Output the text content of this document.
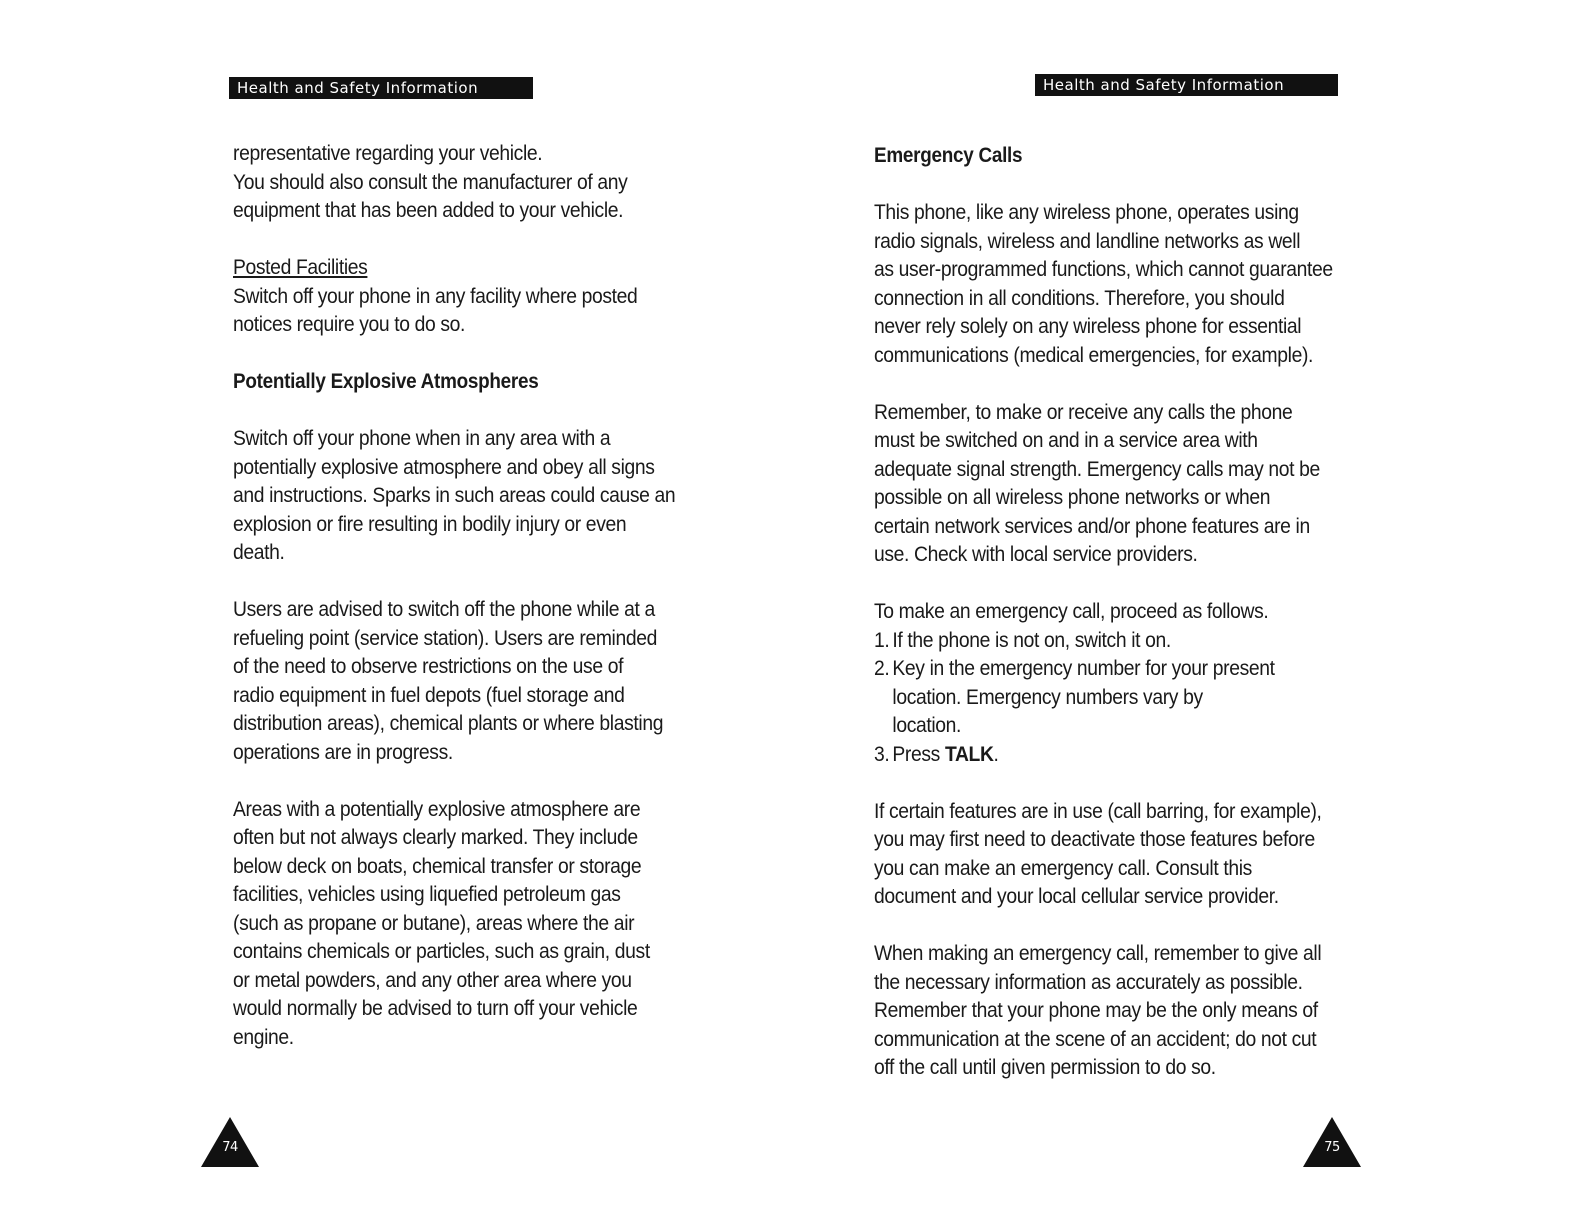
Health and Safety Information	Health and Safety Information
representative regarding your vehicle.
You should also consult the manufacturer of any
equipment that has been added to your vehicle.
Posted Facilities
Switch off your phone in any facility where posted
notices require you to do so.
Potentially Explosive Atmospheres
Switch off your phone when in any area with a
potentially explosive atmosphere and obey all signs
and instructions. Sparks in such areas could cause an
explosion or fire resulting in bodily injury or even
death.
Users are advised to switch off the phone while at a
refueling point (service station). Users are reminded
of the need to observe restrictions on the use of
radio equipment in fuel depots (fuel storage and
distribution areas), chemical plants or where blasting
operations are in progress.
Areas with a potentially explosive atmosphere are
often but not always clearly marked. They include
below deck on boats, chemical transfer or storage
facilities, vehicles using liquefied petroleum gas
(such as propane or butane), areas where the air
contains chemicals or particles, such as grain, dust
or metal powders, and any other area where you
would normally be advised to turn off your vehicle
engine.
Emergency Calls
This phone, like any wireless phone, operates using
radio signals, wireless and landline networks as well
as user-programmed functions, which cannot guarantee
connection in all conditions. Therefore, you should
never rely solely on any wireless phone for essential
communications (medical emergencies, for example).
Remember, to make or receive any calls the phone
must be switched on and in a service area with
adequate signal strength. Emergency calls may not be
possible on all wireless phone networks or when
certain network services and/or phone features are in
use. Check with local service providers.
To make an emergency call, proceed as follows.
1. If the phone is not on, switch it on.
2. Key in the emergency number for your present
location. Emergency numbers vary by
location.
3. Press TALK.
If certain features are in use (call barring, for example),
you may first need to deactivate those features before
you can make an emergency call. Consult this
document and your local cellular service provider.
When making an emergency call, remember to give all
the necessary information as accurately as possible.
Remember that your phone may be the only means of
communication at the scene of an accident; do not cut
off the call until given permission to do so.
74	75
